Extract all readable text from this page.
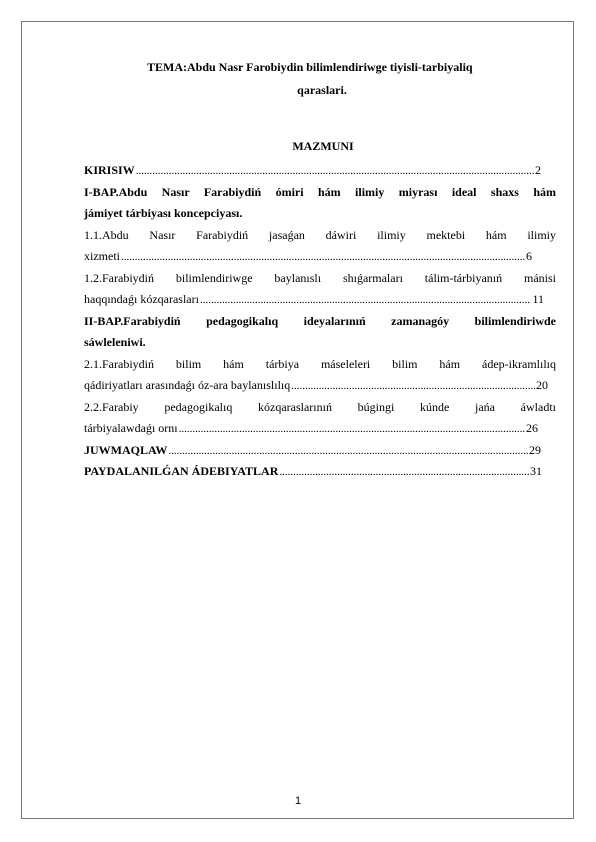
TEMA:Abdu Nasr Farobiydin bilimlendiriwge tiyisli-tarbiyaliq
qaraslari.
MAZMUNI
KIRISIW .....	2
I-BAP.Abdu Nasır Farabiydiń ómiri hám ilimiy miyrası ideal shaxs hám
jámiyet tárbiyası koncepciyası.
1.1.Abdu Nasır Farabiydiń jasaǵan dáwiri ilimiy mektebi hám ilimiy
xizmeti .....	6
1.2.Farabiydiń bilimlendiriwge baylanıslı shıǵarmaları tálim-tárbiyanıń mánisi
haqqındaǵı kózqarasları .....	11
II-BAP.Farabiydiń pedagogikalıq ideyalarınıń zamanagóy bilimlendiriwde
sáwleleniwi.
2.1.Farabiydiń bilim hám tárbiya máseleleri bilim hám ádep-ikramlılıq
qádiriyatları arasındaǵı óz-ara baylanıslılıq .....	20
2.2.Farabiy pedagogikalıq kózqaraslarınıń búgingi kúnde jańa áwladtı
tárbiyalawdaǵı ornı .....	26
JUWMAQLAW .....	29
PAYDALANILǴAN ÁDEBIYATLAR .....	31
1
